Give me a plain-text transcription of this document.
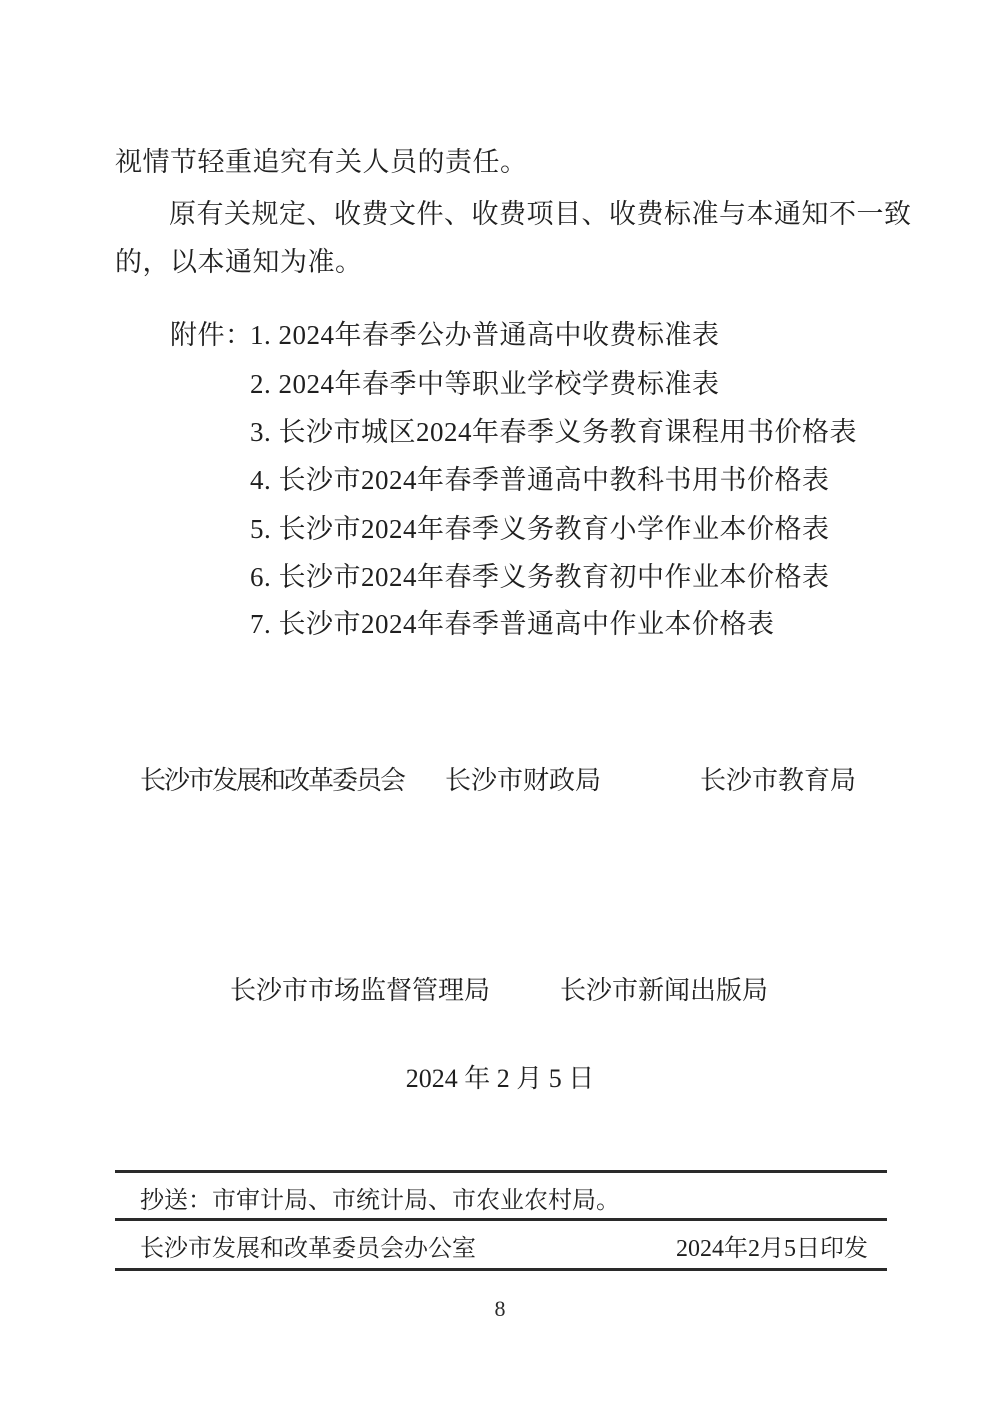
视情节轻重追究有关人员的责任。
原有关规定、收费文件、收费项目、收费标准与本通知不一致
的，以本通知为准。
附件：
1. 2024年春季公办普通高中收费标准表
2. 2024年春季中等职业学校学费标准表
3. 长沙市城区2024年春季义务教育课程用书价格表
4. 长沙市2024年春季普通高中教科书用书价格表
5. 长沙市2024年春季义务教育小学作业本价格表
6. 长沙市2024年春季义务教育初中作业本价格表
7. 长沙市2024年春季普通高中作业本价格表
长沙市发展和改革委员会 长沙市财政局	长沙市教育局
长沙市市场监督管理局	长沙市新闻出版局
2024 年 2 月 5 日
抄送：市审计局、市统计局、市农业农村局。
长沙市发展和改革委员会办公室	2024年2月5日印发
8
